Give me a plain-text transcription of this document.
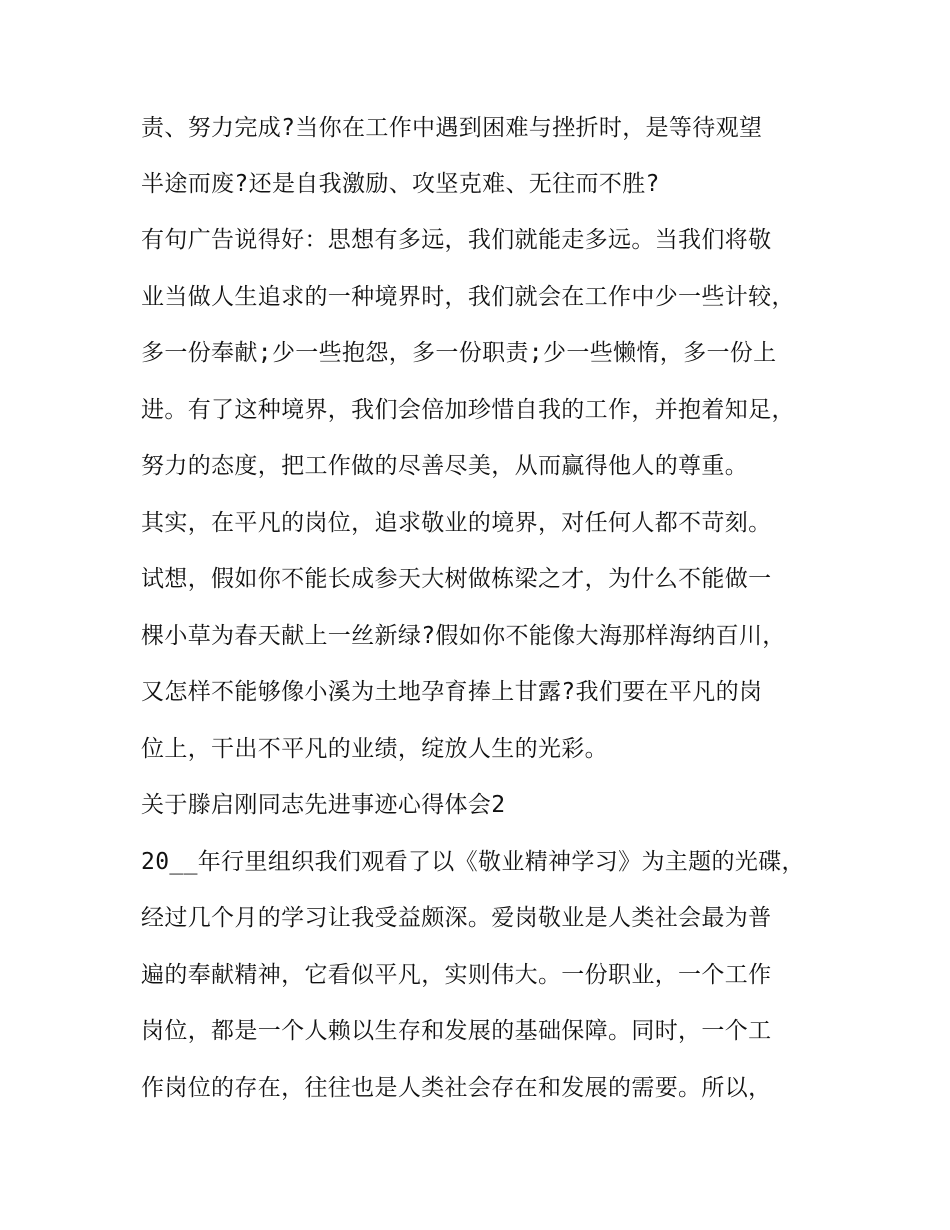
责、努力完成?当你在工作中遇到困难与挫折时，是等待观望
半途而废?还是自我激励、攻坚克难、无往而不胜?
有句广告说得好：思想有多远，我们就能走多远。当我们将敬
业当做人生追求的一种境界时，我们就会在工作中少一些计较，
多一份奉献;少一些抱怨，多一份职责;少一些懒惰，多一份上
进。有了这种境界，我们会倍加珍惜自我的工作，并抱着知足，
努力的态度，把工作做的尽善尽美，从而赢得他人的尊重。
其实，在平凡的岗位，追求敬业的境界，对任何人都不苛刻。
试想，假如你不能长成参天大树做栋梁之才，为什么不能做一
棵小草为春天献上一丝新绿?假如你不能像大海那样海纳百川，
又怎样不能够像小溪为土地孕育捧上甘露?我们要在平凡的岗
位上，干出不平凡的业绩，绽放人生的光彩。
关于滕启刚同志先进事迹心得体会2
20__年行里组织我们观看了以《敬业精神学习》为主题的光碟，
经过几个月的学习让我受益颇深。爱岗敬业是人类社会最为普
遍的奉献精神，它看似平凡，实则伟大。一份职业，一个工作
岗位，都是一个人赖以生存和发展的基础保障。同时，一个工
作岗位的存在，往往也是人类社会存在和发展的需要。所以，
